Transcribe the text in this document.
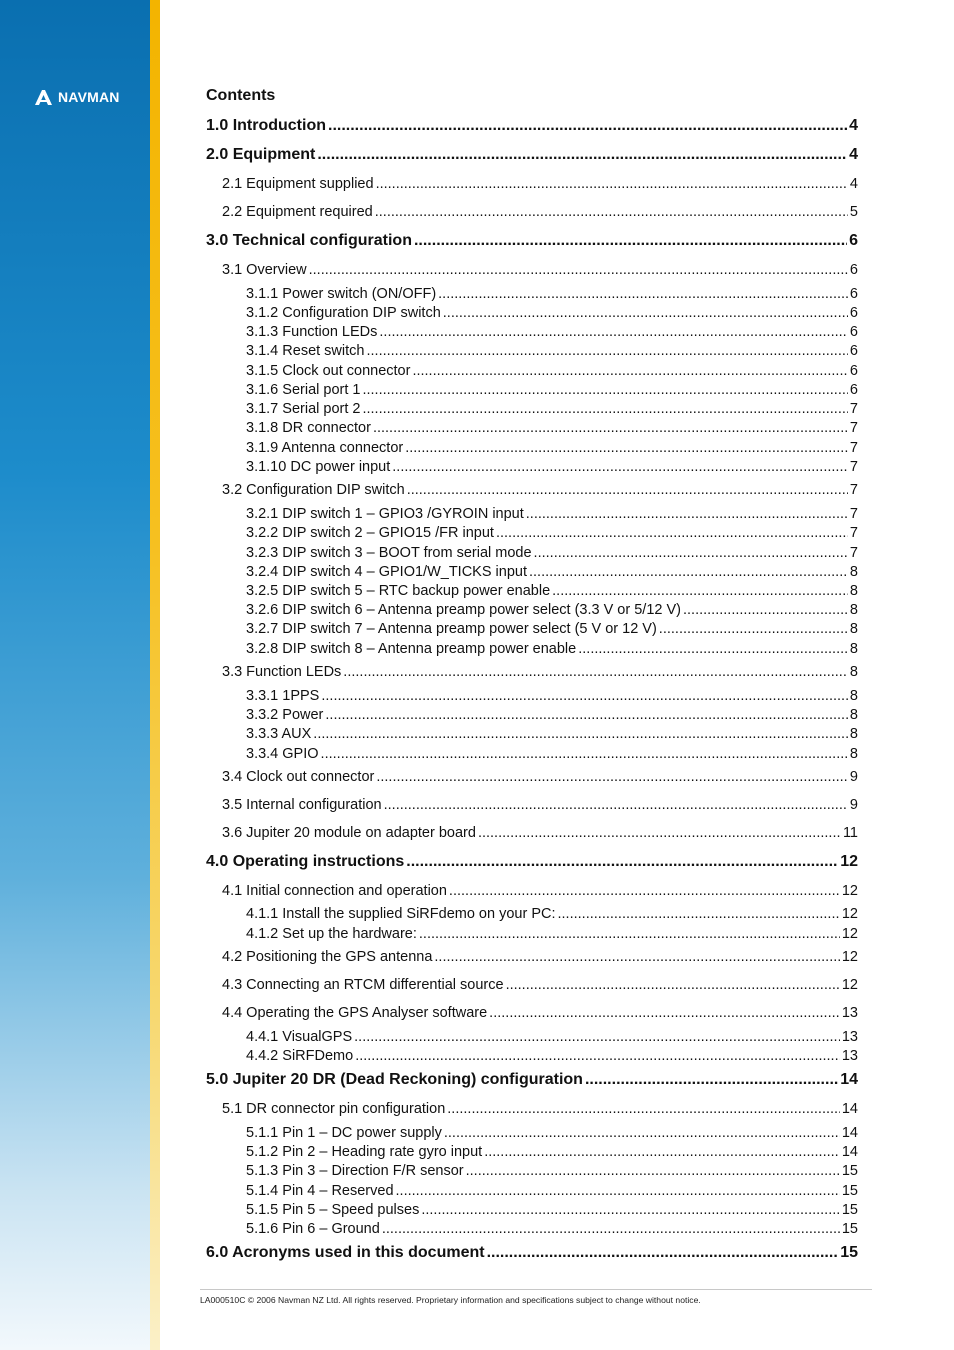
NAVMAN	Contents
1.0 Introduction .....	4
2.0 Equipment .....	4
2.1 Equipment supplied .....	4
2.2 Equipment required .....	5
3.0 Technical configuration .....	6
3.1 Overview .....	6
3.1.1 Power switch (ON/OFF) .....	6
3.1.2 Configuration DIP switch .....	6
3.1.3 Function LEDs .....	6
3.1.4 Reset switch .....	6
3.1.5 Clock out connector .....	6
3.1.6 Serial port 1 .....	6
3.1.7 Serial port 2 .....	7
3.1.8 DR connector .....	7
3.1.9 Antenna connector .....	7
3.1.10 DC power input .....	7
3.2 Configuration DIP switch .....	7
3.2.1 DIP switch 1 – GPIO3 /GYROIN input .....	7
3.2.2 DIP switch 2 – GPIO15 /FR input .....	7
3.2.3 DIP switch 3 – BOOT from serial mode .....	7
3.2.4 DIP switch 4 – GPIO1/W_TICKS input .....	8
3.2.5 DIP switch 5 – RTC backup power enable .....	8
3.2.6 DIP switch 6 – Antenna preamp power select (3.3 V or 5/12 V) .....	8
3.2.7 DIP switch 7 – Antenna preamp power select (5 V or 12 V) .....	8
3.2.8 DIP switch 8 – Antenna preamp power enable .....	8
3.3 Function LEDs .....	8
3.3.1 1PPS .....	8
3.3.2 Power .....	8
3.3.3 AUX .....	8
3.3.4 GPIO .....	8
3.4 Clock out connector .....	9
3.5 Internal configuration .....	9
3.6 Jupiter 20 module on adapter board .....	11
4.0 Operating instructions .....	12
4.1 Initial connection and operation .....	12
4.1.1 Install the supplied SiRFdemo on your PC: .....	12
4.1.2 Set up the hardware: .....	12
4.2 Positioning the GPS antenna .....	12
4.3 Connecting an RTCM differential source .....	12
4.4 Operating the GPS Analyser software .....	13
4.4.1 VisualGPS .....	13
4.4.2 SiRFDemo .....	13
5.0 Jupiter 20 DR (Dead Reckoning) configuration .....	14
5.1 DR connector pin configuration .....	14
5.1.1 Pin 1 – DC power supply .....	14
5.1.2 Pin 2 – Heading rate gyro input .....	14
5.1.3 Pin 3 – Direction F/R sensor .....	15
5.1.4 Pin 4 – Reserved .....	15
5.1.5 Pin 5 – Speed pulses .....	15
5.1.6 Pin 6 – Ground .....	15
6.0 Acronyms used in this document .....	15
LA000510C © 2006 Navman NZ Ltd. All rights reserved. Proprietary information and specifications subject to change without notice.
